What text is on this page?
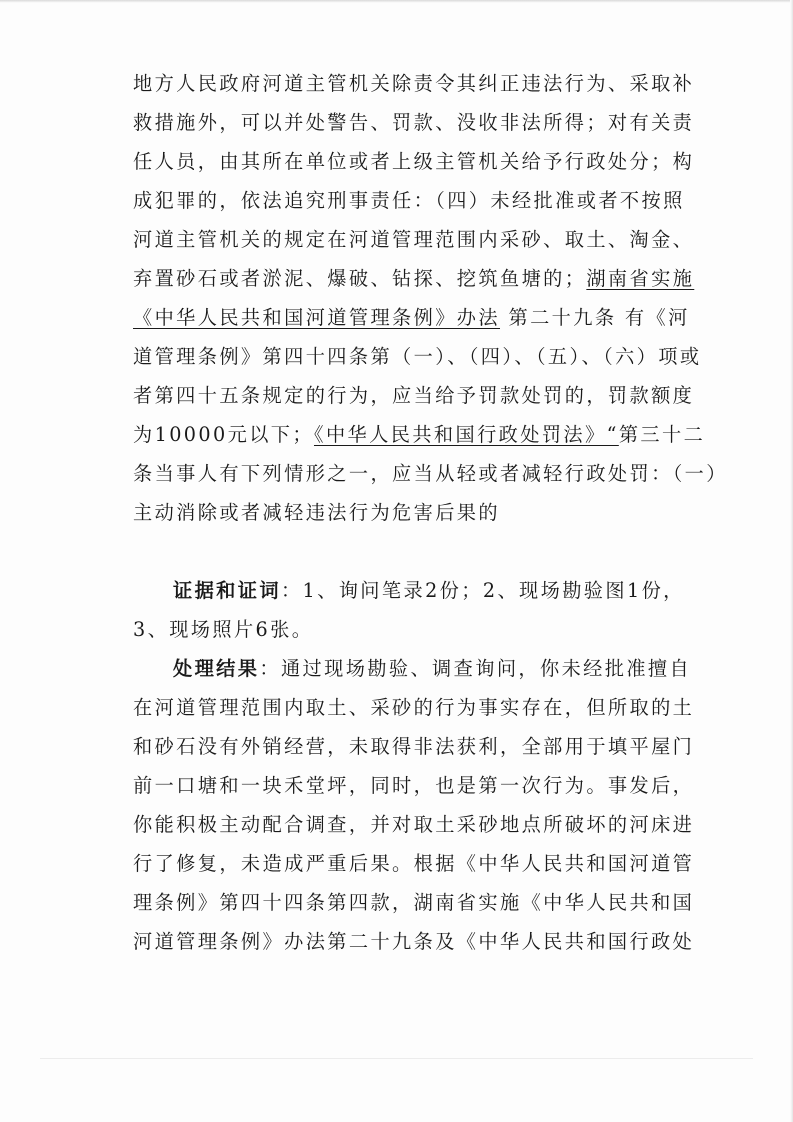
地方人民政府河道主管机关除责令其纠正违法行为、采取补
救措施外，可以并处警告、罚款、没收非法所得；对有关责
任人员，由其所在单位或者上级主管机关给予行政处分；构
成犯罪的，依法追究刑事责任：（四）未经批准或者不按照
河道主管机关的规定在河道管理范围内采砂、取土、淘金、
弃置砂石或者淤泥、爆破、钻探、挖筑鱼塘的；湖南省实施
《中华人民共和国河道管理条例》办法 第二十九条 有《河
道管理条例》第四十四条第（一）、（四）、（五）、（六）项或
者第四十五条规定的行为，应当给予罚款处罚的，罚款额度
为10000元以下；《中华人民共和国行政处罚法》“第三十二
条当事人有下列情形之一，应当从轻或者减轻行政处罚：（一）
主动消除或者减轻违法行为危害后果的
证据和证词：1、询问笔录2份；2、现场勘验图1份，
3、现场照片6张。
处理结果：通过现场勘验、调查询问，你未经批准擅自
在河道管理范围内取土、采砂的行为事实存在，但所取的土
和砂石没有外销经营，未取得非法获利，全部用于填平屋门
前一口塘和一块禾堂坪，同时，也是第一次行为。事发后，
你能积极主动配合调查，并对取土采砂地点所破坏的河床进
行了修复，未造成严重后果。根据《中华人民共和国河道管
理条例》第四十四条第四款，湖南省实施《中华人民共和国
河道管理条例》办法第二十九条及《中华人民共和国行政处
